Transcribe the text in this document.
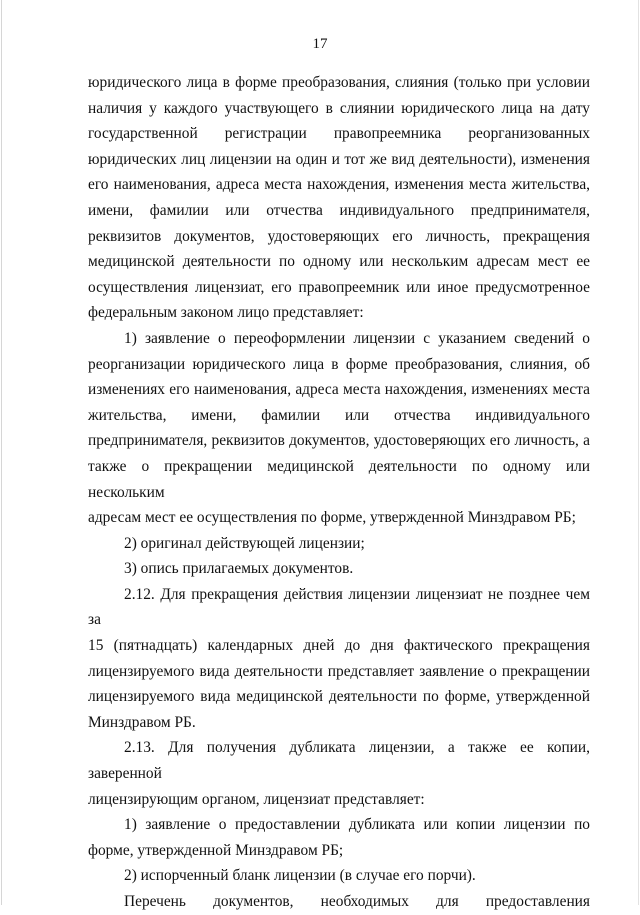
17

юридического лица в форме преобразования, слияния (только при условии
наличия у каждого участвующего в слиянии юридического лица на дату
государственной регистрации правопреемника реорганизованных
юридических лиц лицензии на один и тот же вид деятельности), изменения
его наименования, адреса места нахождения, изменения места жительства,
имени, фамилии или отчества индивидуального предпринимателя,
реквизитов документов, удостоверяющих его личность, прекращения
медицинской деятельности по одному или нескольким адресам мест ее
осуществления лицензиат, его правопреемник или иное предусмотренное
федеральным законом лицо представляет:

1) заявление о переоформлении лицензии с указанием сведений о
реорганизации юридического лица в форме преобразования, слияния, об
изменениях его наименования, адреса места нахождения, изменениях места
жительства, имени, фамилии или отчества индивидуального
предпринимателя, реквизитов документов, удостоверяющих его личность, а
также о прекращении медицинской деятельности по одному или нескольким
адресам мест ее осуществления по форме, утвержденной Минздравом РБ;

2) оригинал действующей лицензии;

3) опись прилагаемых документов.

2.12. Для прекращения действия лицензии лицензиат не позднее чем за
15 (пятнадцать) календарных дней до дня фактического прекращения
лицензируемого вида деятельности представляет заявление о прекращении
лицензируемого вида медицинской деятельности по форме, утвержденной
Минздравом РБ.

2.13. Для получения дубликата лицензии, а также ее копии, заверенной
лицензирующим органом, лицензиат представляет:

1) заявление о предоставлении дубликата или копии лицензии по
форме, утвержденной Минздравом РБ;

2) испорченный бланк лицензии (в случае его порчи).

Перечень документов, необходимых для предоставления
